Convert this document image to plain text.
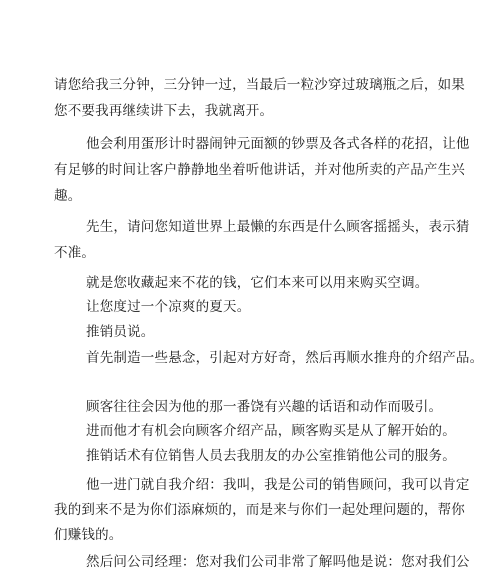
请您给我三分钟，三分钟一过，当最后一粒沙穿过玻璃瓶之后，如果
您不要我再继续讲下去，我就离开。
他会利用蛋形计时器闹钟元面额的钞票及各式各样的花招，让他
有足够的时间让客户静静地坐着听他讲话，并对他所卖的产品产生兴
趣。
先生，请问您知道世界上最懒的东西是什么顾客摇摇头，表示猜
不准。
就是您收藏起来不花的钱，它们本来可以用来购买空调。
让您度过一个凉爽的夏天。
推销员说。
首先制造一些悬念，引起对方好奇，然后再顺水推舟的介绍产品。
顾客往往会因为他的那一番饶有兴趣的话语和动作而吸引。
进而他才有机会向顾客介绍产品，顾客购买是从了解开始的。
推销话术有位销售人员去我朋友的办公室推销他公司的服务。
他一进门就自我介绍：我叫，我是公司的销售顾问，我可以肯定
我的到来不是为你们添麻烦的，而是来与你们一起处理问题的，帮你
们赚钱的。
然后问公司经理：您对我们公司非常了解吗他是说：您对我们公
